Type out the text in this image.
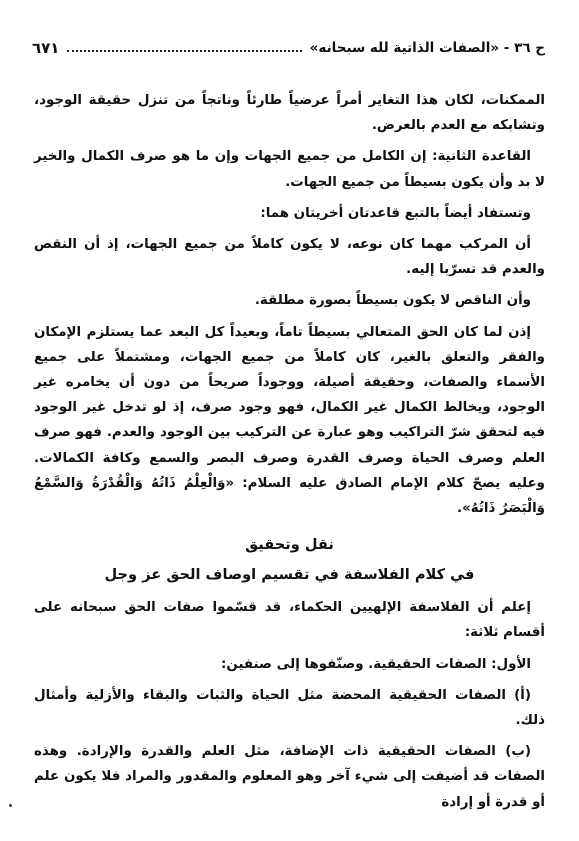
ح ٣٦ - «الصفات الذاتية لله سبحانه»
٦٧١

الممكنات، لكان هذا التغاير أمراً عرضياً طارئاً وناتجاً من تنزل حقيقة الوجود، وتشابكه مع العدم بالعرض.

القاعدة الثانية: إن الكامل من جميع الجهات وإن ما هو صرف الكمال والخير لا بد وأن يكون بسيطاً من جميع الجهات.

وتستفاد أيضاً بالتبع قاعدتان أخريتان هما:

أن المركب مهما كان نوعه، لا يكون كاملاً من جميع الجهات، إذ أن النقص والعدم قد تسرّبا إليه.

وأن الناقص لا يكون بسيطاً بصورة مطلقة.

إذن لما كان الحق المتعالي بسيطاً تاماً، وبعيداً كل البعد عما يستلزم الإمكان والفقر والتعلق بالغير، كان كاملاً من جميع الجهات، ومشتملاً على جميع الأسماء والصفات، وحقيقة أصيلة، ووجوداً صريحاً من دون أن يخامره غير الوجود، ويخالط الكمال غير الكمال، فهو وجود صرف، إذ لو تدخل غير الوجود فيه لتحقق شرّ التراكيب وهو عبارة عن التركيب بين الوجود والعدم. فهو صرف العلم وصرف الحياة وصرف القدرة وصرف البصر والسمع وكافة الكمالات. وعليه يصحّ كلام الإمام الصادق عليه السلام: «وَالْعِلْمُ ذَاتُهُ وَالْقُدْرَةُ وَالسَّمْعُ وَالْبَصَرُ ذَاتُهُ».

نقل وتحقيق
في كلام الفلاسفة في تقسيم اوصاف الحق عز وجل

إعلم أن الفلاسفة الإلهيين الحكماء، قد قسّموا صفات الحق سبحانه على أقسام ثلاثة:

الأول: الصفات الحقيقية. وصنّفوها إلى صنفين:

(أ) الصفات الحقيقية المحضة مثل الحياة والثبات والبقاء والأزلية وأمثال ذلك.

(ب) الصفات الحقيقية ذات الإضافة، مثل العلم والقدرة والإرادة. وهذه الصفات قد أضيفت إلى شيء آخر وهو المعلوم والمقدور والمراد فلا يكون علم أو قدرة أو إرادة
